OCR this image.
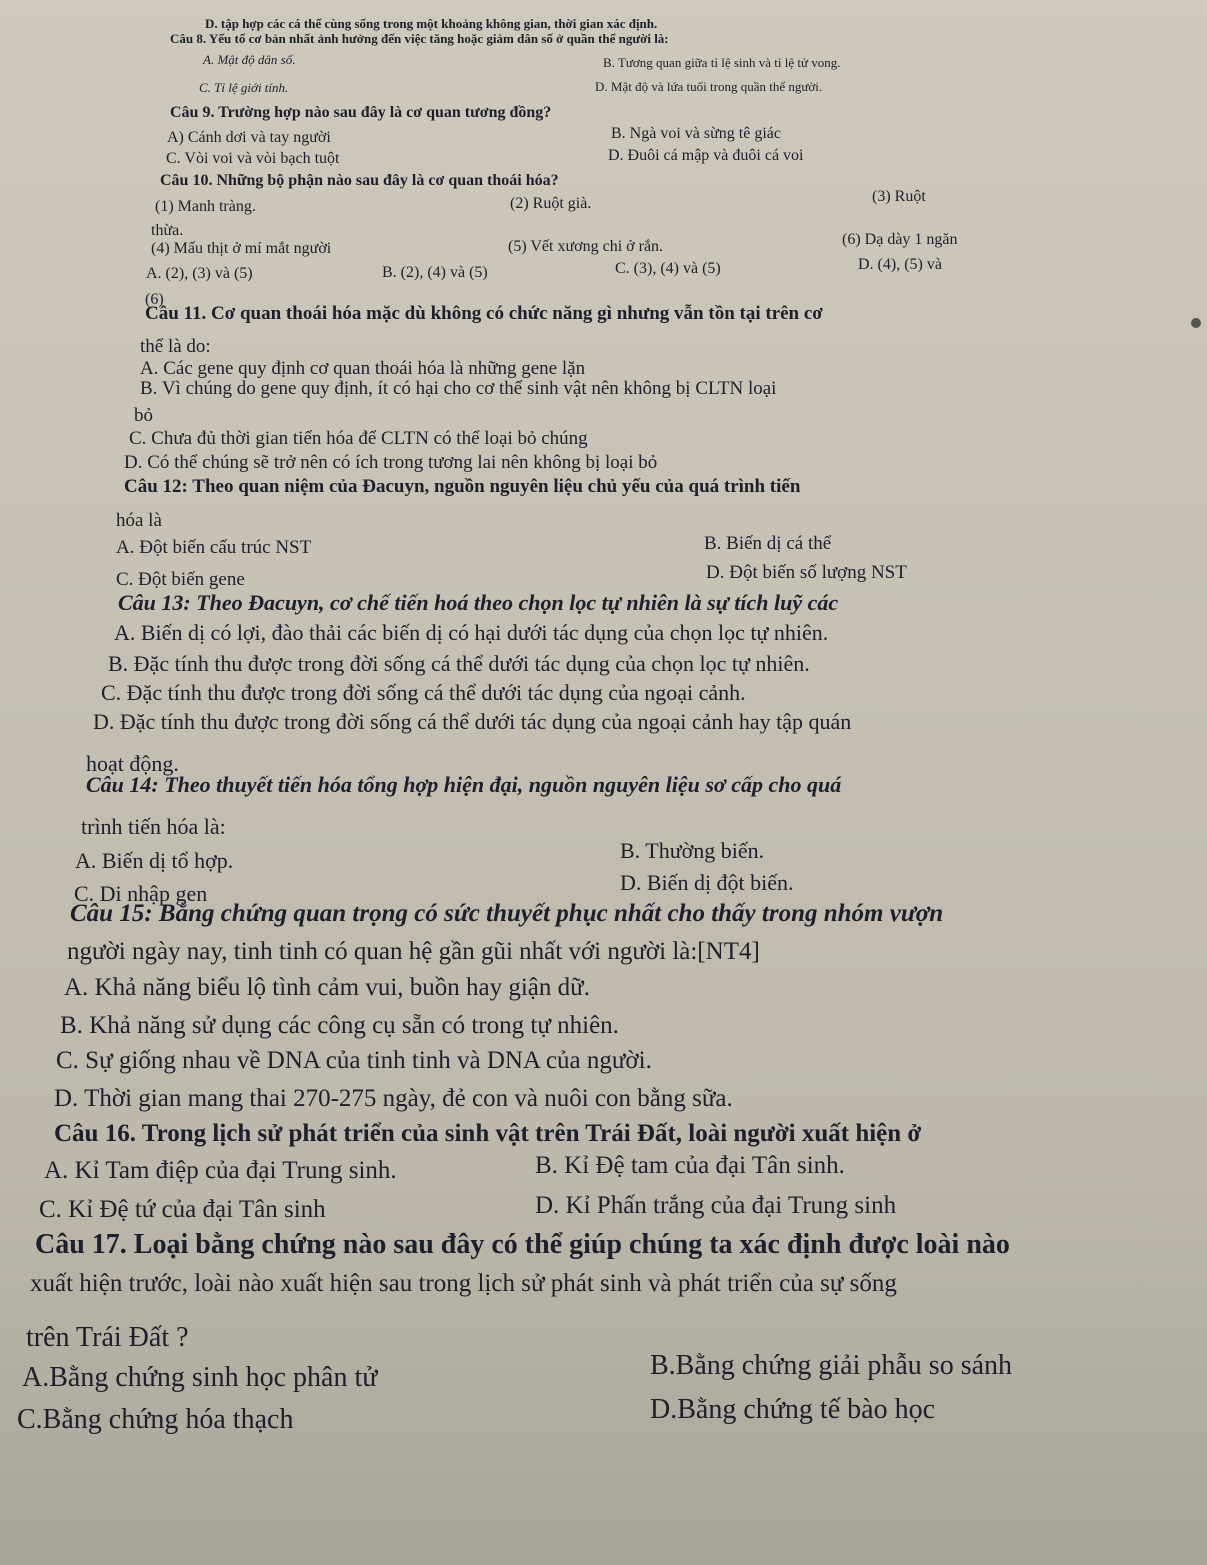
D. tập hợp các cá thể cùng sống trong một khoảng không gian, thời gian xác định.
Câu 8. Yếu tố cơ bản nhất ảnh hưởng đến việc tăng hoặc giảm dân số ở quần thể người là:
A. Mật độ dân số.	B. Tương quan giữa tỉ lệ sinh và tỉ lệ tử vong.
C. Tỉ lệ giới tính.	D. Mật độ và lứa tuổi trong quần thể người.
Câu 9. Trường hợp nào sau đây là cơ quan tương đồng?
A) Cánh dơi và tay người	B. Ngà voi và sừng tê giác
C. Vòi voi và vòi bạch tuột	D. Đuôi cá mập và đuôi cá voi
Câu 10. Những bộ phận nào sau đây là cơ quan thoái hóa?
(1) Manh tràng.	(2) Ruột già.	(3) Ruột
thừa.
(4) Mấu thịt ở mí mắt người	(5) Vết xương chi ở rắn.	(6) Dạ dày 1 ngăn
A. (2), (3) và (5)	B. (2), (4) và (5)	C. (3), (4) và (5)	D. (4), (5) và
(6)
Câu 11. Cơ quan thoái hóa mặc dù không có chức năng gì nhưng vẫn tồn tại trên cơ
thể là do:
A. Các gene quy định cơ quan thoái hóa là những gene lặn
B. Vì chúng do gene quy định, ít có hại cho cơ thể sinh vật nên không bị CLTN loại
bỏ
C. Chưa đủ thời gian tiến hóa để CLTN có thể loại bỏ chúng
D. Có thể chúng sẽ trở nên có ích trong tương lai nên không bị loại bỏ
Câu 12: Theo quan niệm của Đacuyn, nguồn nguyên liệu chủ yếu của quá trình tiến
hóa là
A. Đột biến cấu trúc NST	B. Biến dị cá thể
C. Đột biến gene	D. Đột biến số lượng NST
Câu 13: Theo Đacuyn, cơ chế tiến hoá theo chọn lọc tự nhiên là sự tích luỹ các
A. Biến dị có lợi, đào thải các biến dị có hại dưới tác dụng của chọn lọc tự nhiên.
B. Đặc tính thu được trong đời sống cá thể dưới tác dụng của chọn lọc tự nhiên.
C. Đặc tính thu được trong đời sống cá thể dưới tác dụng của ngoại cảnh.
D. Đặc tính thu được trong đời sống cá thể dưới tác dụng của ngoại cảnh hay tập quán
hoạt động.
Câu 14: Theo thuyết tiến hóa tổng hợp hiện đại, nguồn nguyên liệu sơ cấp cho quá
trình tiến hóa là:
A. Biến dị tổ hợp.	B. Thường biến.
C. Di nhập gen	D. Biến dị đột biến.
Câu 15: Bằng chứng quan trọng có sức thuyết phục nhất cho thấy trong nhóm vượn
người ngày nay, tinh tinh có quan hệ gần gũi nhất với người là:[NT4]
A. Khả năng biểu lộ tình cảm vui, buồn hay giận dữ.
B. Khả năng sử dụng các công cụ sẵn có trong tự nhiên.
C. Sự giống nhau về DNA của tinh tinh và DNA của người.
D. Thời gian mang thai 270-275 ngày, đẻ con và nuôi con bằng sữa.
Câu 16. Trong lịch sử phát triển của sinh vật trên Trái Đất, loài người xuất hiện ở
A. Kỉ Tam điệp của đại Trung sinh.	B. Kỉ Đệ tam của đại Tân sinh.
C. Kỉ Đệ tứ của đại Tân sinh	D. Kỉ Phấn trắng của đại Trung sinh
Câu 17. Loại bằng chứng nào sau đây có thể giúp chúng ta xác định được loài nào
xuất hiện trước, loài nào xuất hiện sau trong lịch sử phát sinh và phát triển của sự sống
trên Trái Đất ?
A.Bằng chứng sinh học phân tử	B.Bằng chứng giải phẫu so sánh
C.Bằng chứng hóa thạch	D.Bằng chứng tế bào học
